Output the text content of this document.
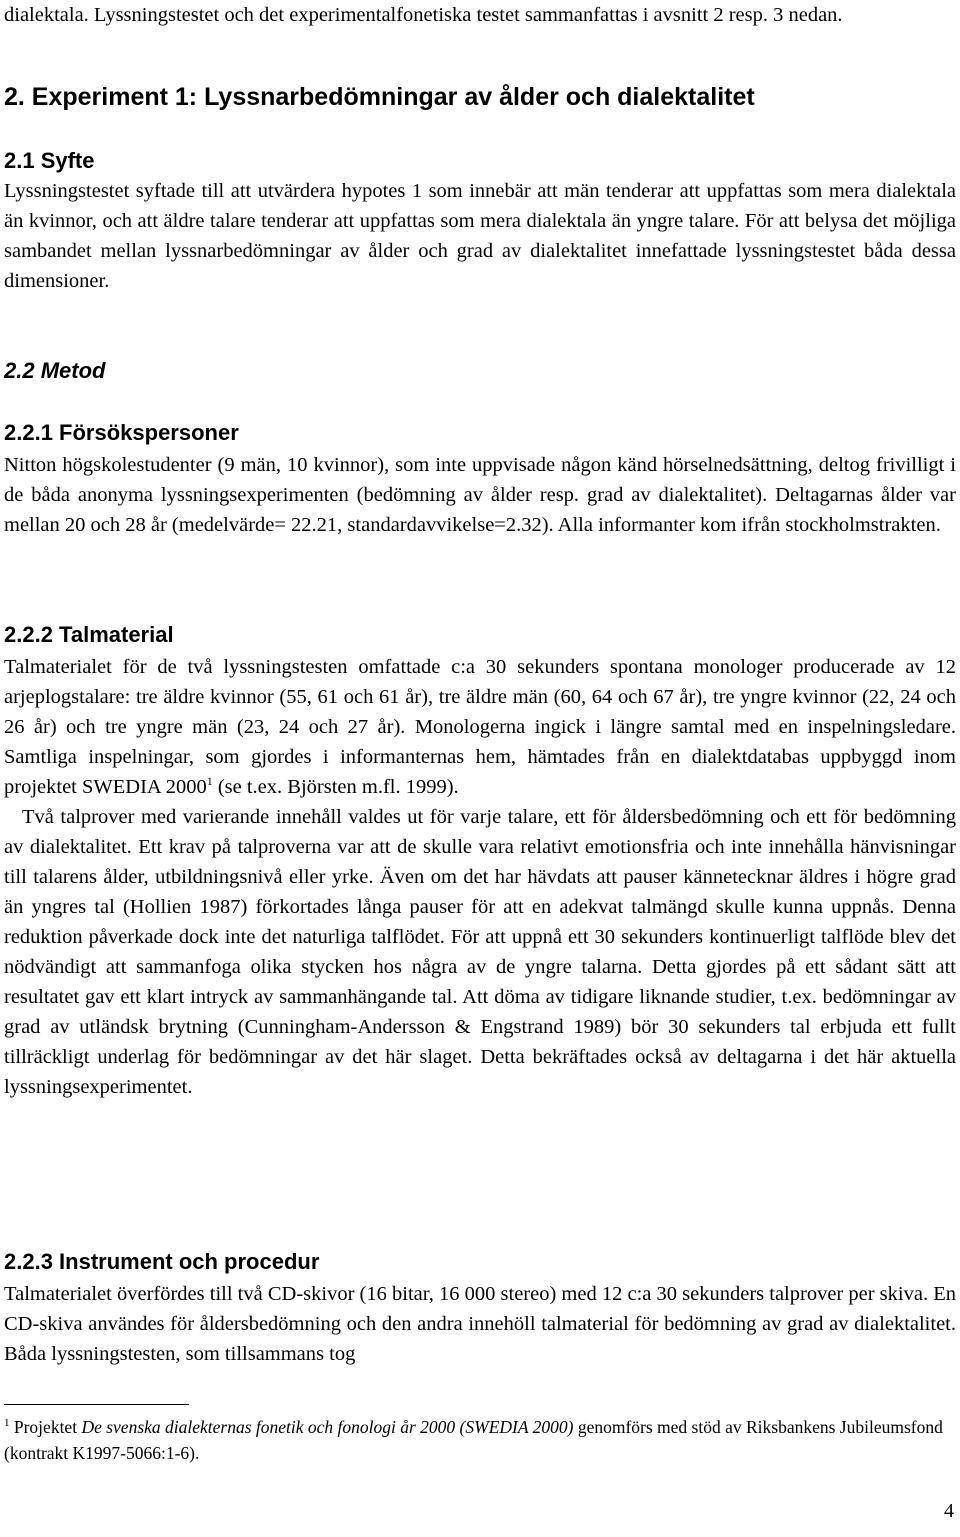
dialektala. Lyssningstestet och det experimentalfonetiska testet sammanfattas i avsnitt 2 resp. 3 nedan.

2. Experiment 1: Lyssnarbedömningar av ålder och dialektalitet
2.1 Syfte

Lyssningstestet syftade till att utvärdera hypotes 1 som innebär att män tenderar att uppfattas som mera dialektala än kvinnor, och att äldre talare tenderar att uppfattas som mera dialektala än yngre talare. För att belysa det möjliga sambandet mellan lyssnarbedömningar av ålder och grad av dialektalitet innefattade lyssningstestet båda dessa dimensioner.

2.2 Metod
2.2.1 Försökspersoner

Nitton högskolestudenter (9 män, 10 kvinnor), som inte uppvisade någon känd hörselnedsättning, deltog frivilligt i de båda anonyma lyssningsexperimenten (bedömning av ålder resp. grad av dialektalitet). Deltagarnas ålder var mellan 20 och 28 år (medelvärde= 22.21, standardavvikelse=2.32). Alla informanter kom ifrån stockholmstrakten.

2.2.2 Talmaterial

Talmaterialet för de två lyssningstesten omfattade c:a 30 sekunders spontana monologer producerade av 12 arjeplogstalare: tre äldre kvinnor (55, 61 och 61 år), tre äldre män (60, 64 och 67 år), tre yngre kvinnor (22, 24 och 26 år) och tre yngre män (23, 24 och 27 år). Monologerna ingick i längre samtal med en inspelningsledare. Samtliga inspelningar, som gjordes i informanternas hem, hämtades från en dialektdatabas uppbyggd inom projektet SWEDIA 2000$^1$ (se t.ex. Björsten m.fl. 1999).

Två talprover med varierande innehåll valdes ut för varje talare, ett för åldersbedömning och ett för bedömning av dialektalitet. Ett krav på talproverna var att de skulle vara relativt emotionsfria och inte innehålla hänvisningar till talarens ålder, utbildningsnivå eller yrke. Även om det har hävdats att pauser kännetecknar äldres i högre grad än yngres tal (Hollien 1987) förkortades långa pauser för att en adekvat talmängd skulle kunna uppnås. Denna reduktion påverkade dock inte det naturliga talflödet. För att uppnå ett 30 sekunders kontinuerligt talflöde blev det nödvändigt att sammanfoga olika stycken hos några av de yngre talarna. Detta gjordes på ett sådant sätt att resultatet gav ett klart intryck av sammanhängande tal. Att döma av tidigare liknande studier, t.ex. bedömningar av grad av utländsk brytning (Cunningham-Andersson & Engstrand 1989) bör 30 sekunders tal erbjuda ett fullt tillräckligt underlag för bedömningar av det här slaget. Detta bekräftades också av deltagarna i det här aktuella lyssningsexperimentet.

2.2.3 Instrument och procedur

Talmaterialet överfördes till två CD-skivor (16 bitar, 16 000 stereo) med 12 c:a 30 sekunders talprover per skiva. En CD-skiva användes för åldersbedömning och den andra innehöll talmaterial för bedömning av grad av dialektalitet. Båda lyssningstesten, som tillsammans tog

$^1$ Projektet De svenska dialekternas fonetik och fonologi år 2000 (SWEDIA 2000) genomförs med stöd av Riksbankens Jubileumsfond (kontrakt K1997-5066:1-6).

4
